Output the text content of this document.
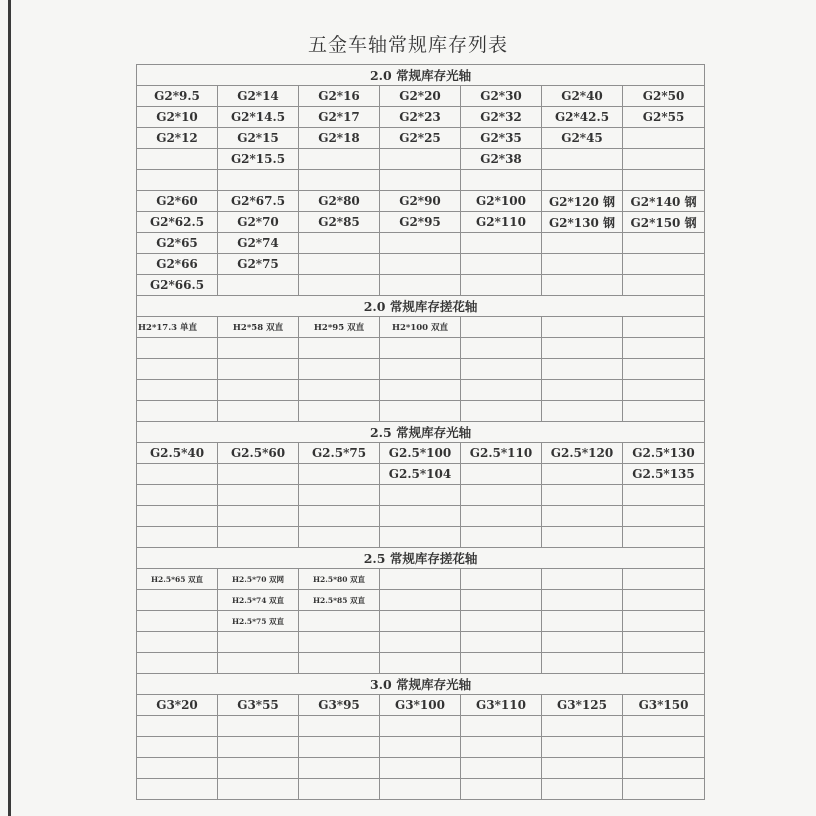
五金车轴常规库存列表
2.0 常规库存光轴						
G2*9.5	G2*14	G2*16	G2*20	G2*30	G2*40	G2*50
G2*10	G2*14.5	G2*17	G2*23	G2*32	G2*42.5	G2*55
G2*12	G2*15	G2*18	G2*25	G2*35	G2*45	
	G2*15.5			G2*38		

G2*60	G2*67.5	G2*80	G2*90	G2*100	G2*120 钢	G2*140 钢
G2*62.5	G2*70	G2*85	G2*95	G2*110	G2*130 钢	G2*150 钢
G2*65	G2*74					
G2*66	G2*75					
G2*66.5						
2.0 常规库存搓花轴						
H2*17.3 单直	H2*58 双直	H2*95 双直	H2*100 双直			

2.5 常规库存光轴						
G2.5*40	G2.5*60	G2.5*75	G2.5*100	G2.5*110	G2.5*120	G2.5*130
			G2.5*104			G2.5*135

2.5 常规库存搓花轴						
H2.5*65 双直	H2.5*70 双网	H2.5*80 双直				
	H2.5*74 双直	H2.5*85 双直				
	H2.5*75 双直					

3.0 常规库存光轴						
G3*20	G3*55	G3*95	G3*100	G3*110	G3*125	G3*150
